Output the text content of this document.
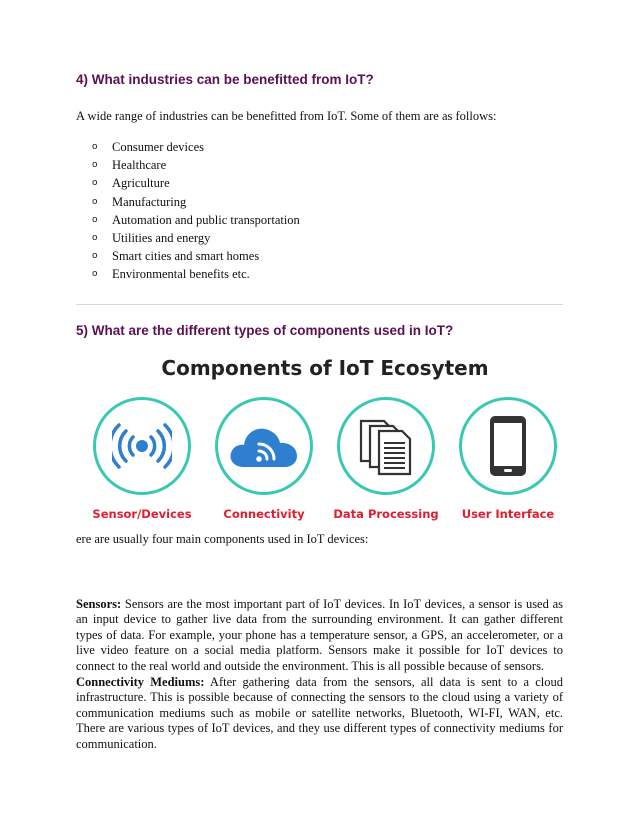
4) What industries can be benefitted from IoT?

A wide range of industries can be benefitted from IoT. Some of them are as follows:

o Consumer devices
o Healthcare
o Agriculture
o Manufacturing
o Automation and public transportation
o Utilities and energy
o Smart cities and smart homes
o Environmental benefits etc.
5) What are the different types of components used in IoT?

Components of IoT Ecosytem

Sensor/Devices	Connectivity	Data Processing	User Interface

ere are usually four main components used in IoT devices:

Sensors: Sensors are the most important part of IoT devices. In IoT devices, a sensor is used as an input device to gather live data from the surrounding environment. It can gather different types of data. For example, your phone has a temperature sensor, a GPS, an accelerometer, or a live video feature on a social media platform. Sensors make it possible for IoT devices to connect to the real world and outside the environment. This is all possible because of sensors.

Connectivity Mediums: After gathering data from the sensors, all data is sent to a cloud infrastructure. This is possible because of connecting the sensors to the cloud using a variety of communication mediums such as mobile or satellite networks, Bluetooth, WI-FI, WAN, etc. There are various types of IoT devices, and they use different types of connectivity mediums for communication.
